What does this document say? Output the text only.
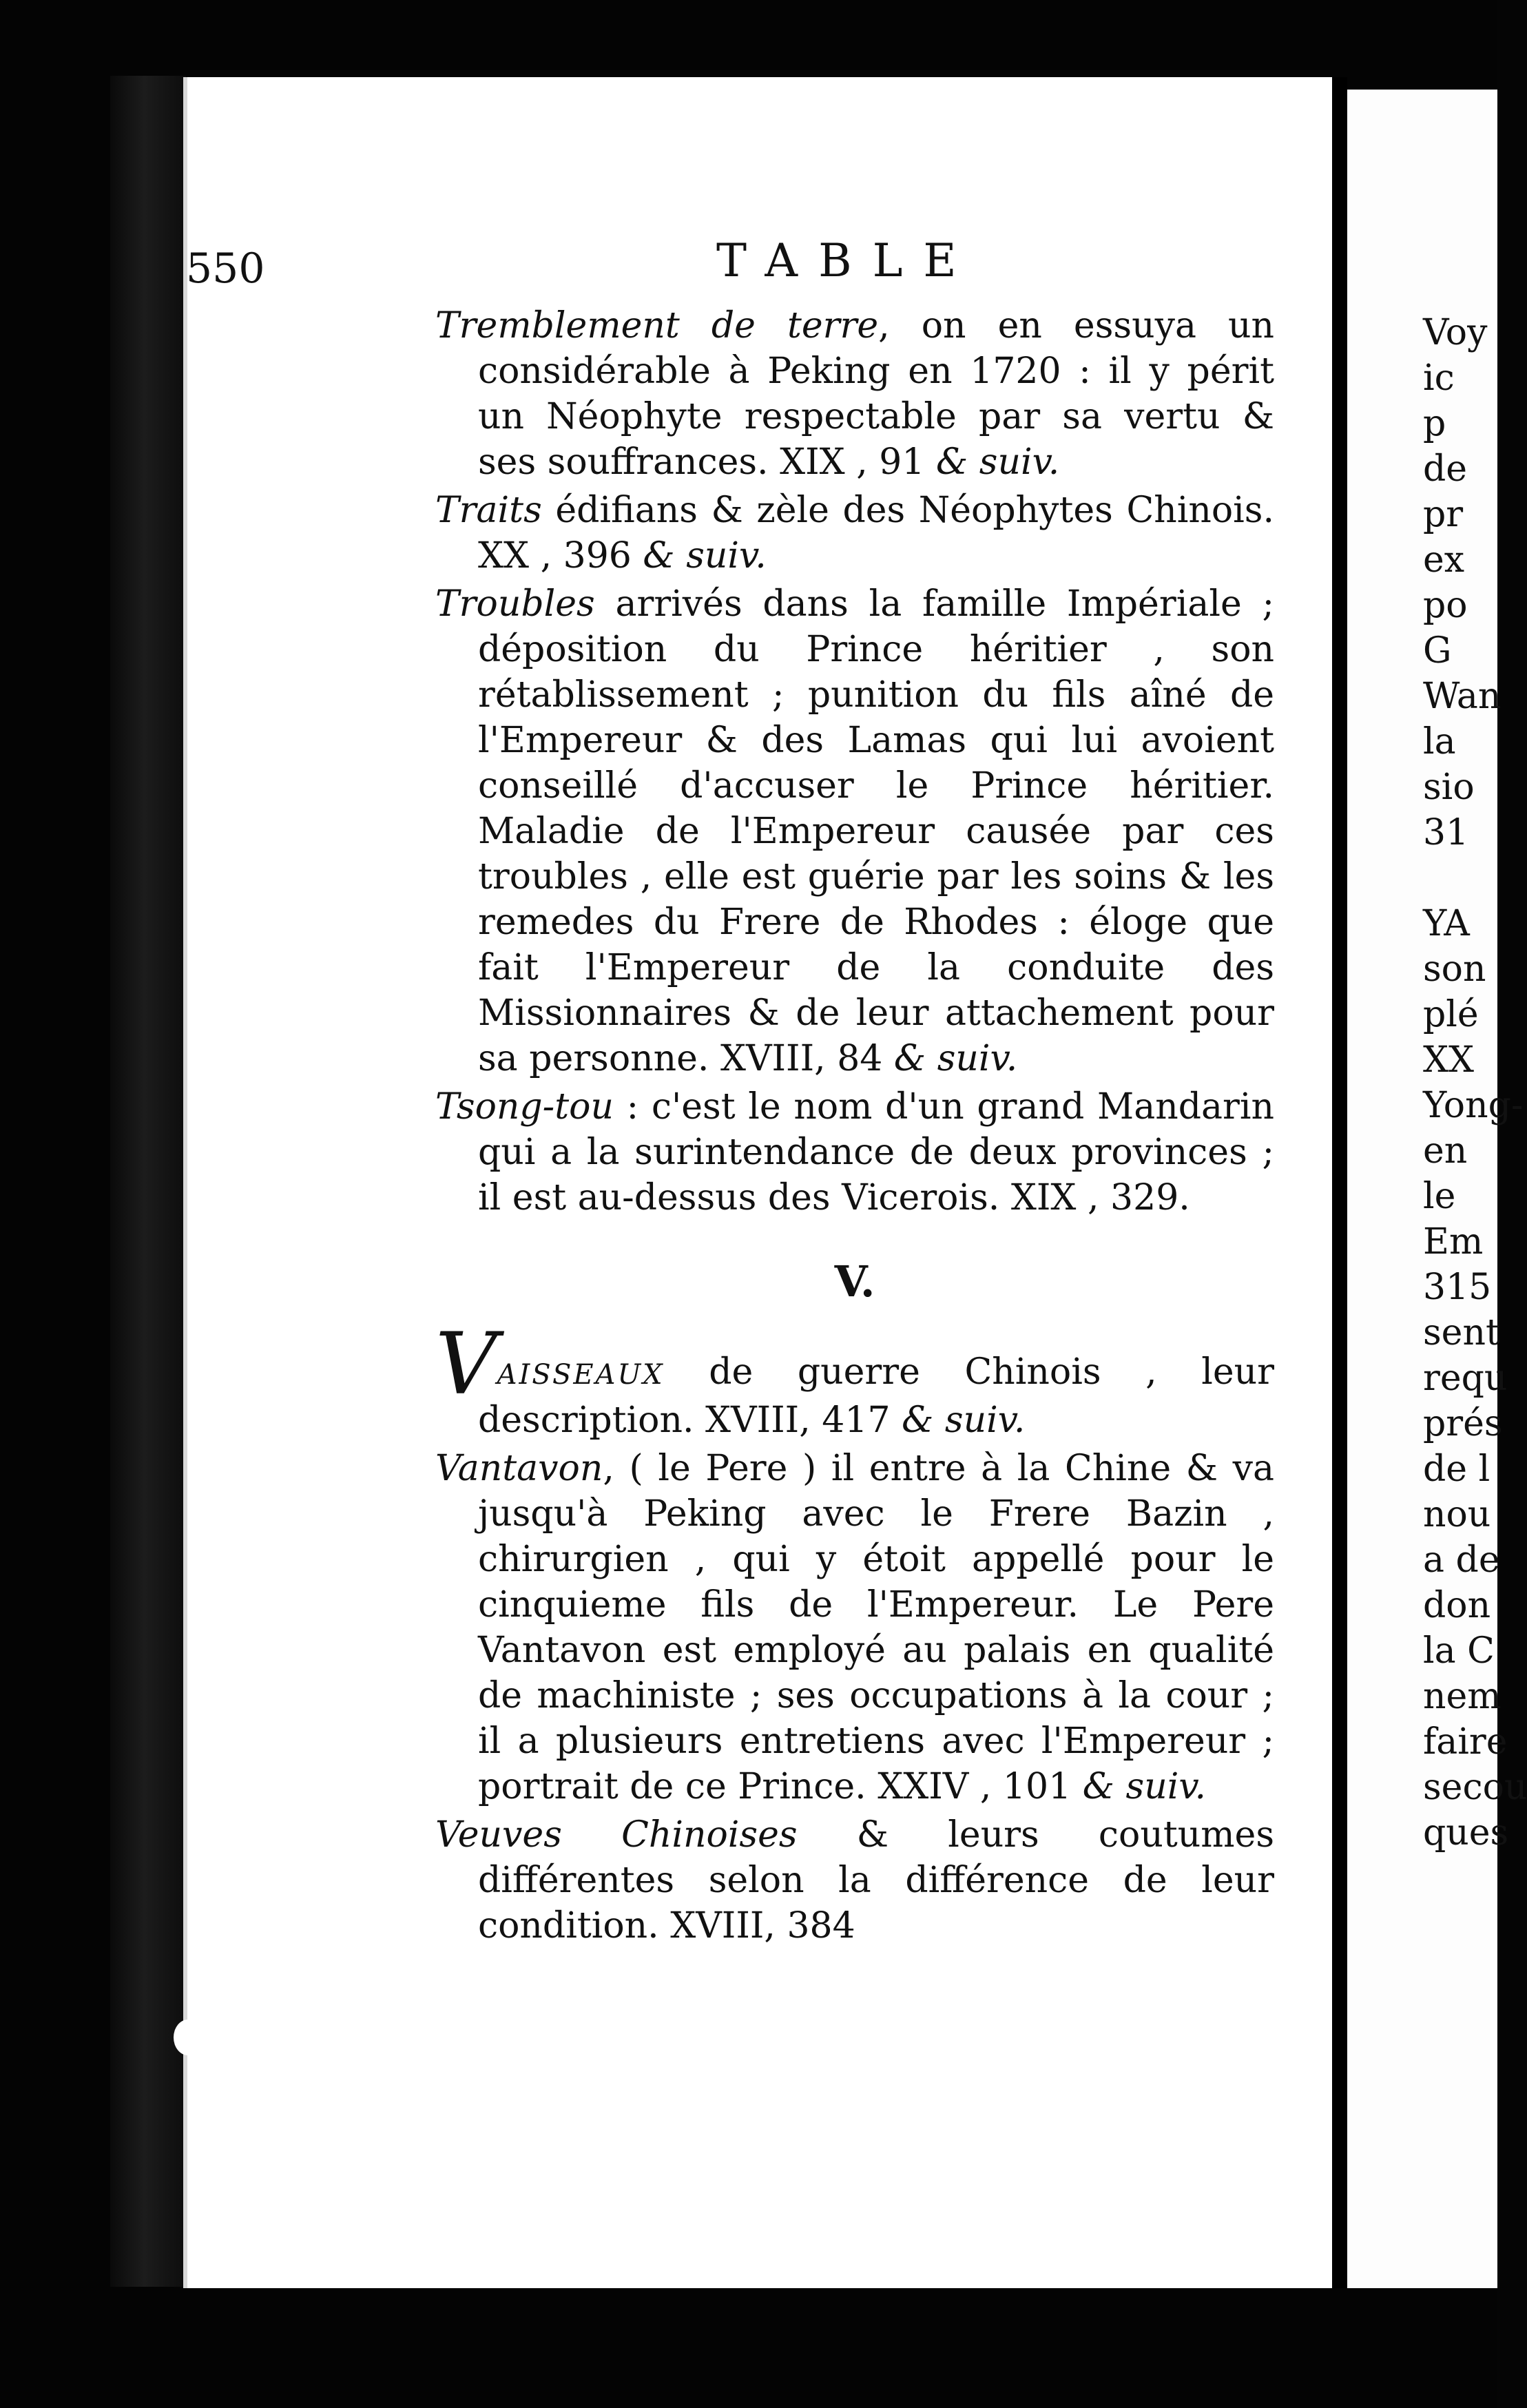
550	TABLE

Tremblement de terre, on en essuya un considérable à Peking en 1720 : il y périt un Néophyte respectable par sa vertu & ses souffrances. XIX , 91 & suiv.

Traits édifians & zèle des Néophytes Chinois. XX , 396 & suiv.

Troubles arrivés dans la famille Impériale ; déposition du Prince héritier , son rétablissement ; punition du fils aîné de l'Empereur & des Lamas qui lui avoient conseillé d'accuser le Prince héritier. Maladie de l'Empereur causée par ces troubles , elle est guérie par les soins & les remedes du Frere de Rhodes : éloge que fait l'Empereur de la conduite des Missionnaires & de leur attachement pour sa personne. XVIII, 84 & suiv.

Tsong-tou : c'est le nom d'un grand Mandarin qui a la surintendance de deux provinces ; il est au-dessus des Vicerois. XIX , 329.

V.

VAISSEAUX de guerre Chinois , leur description. XVIII, 417 & suiv.

Vantavon, ( le Pere ) il entre à la Chine & va jusqu'à Peking avec le Frere Bazin , chirurgien , qui y étoit appellé pour le cinquieme fils de l'Empereur. Le Pere Vantavon est employé au palais en qualité de machiniste ; ses occupations à la cour ; il a plusieurs entretiens avec l'Empereur ; portrait de ce Prince. XXIV , 101 & suiv.

Veuves Chinoises & leurs coutumes différentes selon la différence de leur condition. XVIII, 384

Voy
ic
p
de
pr
ex
po
G
Wan
la
sio
31
YA
son
plé
XX
Yong-
en
le
Em
315
sent
requ
prés
de l
nou
a de
don
la C
nem
faire
secou
ques
